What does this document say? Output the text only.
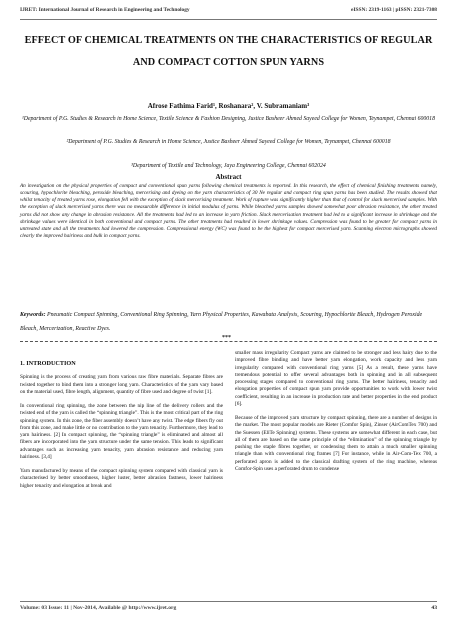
IJRET: International Journal of Research in Engineering and Technology	eISSN: 2319-1163 | pISSN: 2321-7308
EFFECT OF CHEMICAL TREATMENTS ON THE CHARACTERISTICS OF REGULAR AND COMPACT COTTON SPUN YARNS
Afrose Fathima Farid¹, Roshanara², V. Subramaniam³
¹Department of P.G. Studies & Research in Home Science, Textile Science & Fashion Designing, Justice Basheer Ahmed Sayeed College for Women, Teynampet, Chennai 600018
²Department of P.G. Studies & Research in Home Science, Justice Basheer Ahmed Sayeed College for Women, Teynampet, Chennai 600018
³Department of Textile and Technology, Jaya Engineering College, Chennai 602024
Abstract
An investigation on the physical properties of compact and conventional spun yarns following chemical treatments is reported. In this research, the effect of chemical finishing treatments namely, scouring, hypochlorite bleaching, peroxide bleaching, mercerising and dyeing on the yarn characteristics of 30 Ne regular and compact ring spun yarns has been studied. The results showed that whilst tenacity of treated yarns rose, elongation fell with the exception of slack mercerising treatment. Work of rupture was significantly higher than that of control for slack mercerised samples. With the exception of slack mercerised yarns there was no measurable difference in initial modulus of yarns. While bleached yarns samples showed somewhat poor abrasion resistance, the other treated yarns did not show any change in abrasion resistance. All the treatments had led to an increase in yarn friction. Slack mercerisation treatment had led to a significant increase in shrinkage and the shrinkage values were identical in both conventional and compact yarns. The other treatments had resulted in lower shrinkage values. Compression was found to be greater for compact yarns in untreated state and all the treatments had lowered the compression. Compressional energy (WC) was found to be the highest for compact mercerised yarn. Scanning electron micrographs showed clearly the improved hairiness and bulk in compact yarns.
Keywords: Pneumatic Compact Spinning, Conventional Ring Spinning, Yarn Physical Properties, Kawabata Analysis, Scouring, Hypochlorite Bleach, Hydrogen Peroxide Bleach, Mercerization, Reactive Dyes.
***

1. INTRODUCTION

Spinning is the process of creating yarn from various raw fibre materials. Separate fibres are twisted together to bind them into a stronger long yarn. Characteristics of the yarn vary based on the material used, fibre length, alignment, quantity of fibre used and degree of twist [1].

In conventional ring spinning, the zone between the nip line of the delivery rollers and the twisted end of the yarn is called the “spinning triangle”. This is the most critical part of the ring spinning system. In this zone, the fiber assembly doesn’t have any twist. The edge fibers fly out from this zone, and make little or no contribution to the yarn tenacity. Furthermore, they lead to yarn hairiness. [2] In compact spinning, the “spinning triangle” is eliminated and almost all fibers are incorporated into the yarn structure under the same tension. This leads to significant advantages such as increasing yarn tenacity, yarn abrasion resistance and reducing yarn hairiness. [3,4]

Yarn manufactured by means of the compact spinning system compared with classical yarn is characterised by better smoothness, higher luster, better abrasion fastness, lower hairiness higher tenacity and elongation at break and

smaller mass irregularity Compact yarns are claimed to be stronger and less hairy due to the improved fibre binding and have better yarn elongation, work capacity and less yarn irregularity compared with conventional ring yarns [5] As a result, these yarns have tremendous potential to offer several advantages both in spinning and in all subsequent processing stages compared to conventional ring yarns. The better hairiness, tenacity and elongation properties of compact spun yarn provide opportunities to work with lower twist coefficient, resulting in an increase in production rate and better properties in the end product [6].

Because of the improved yarn structure by compact spinning, there are a number of designs in the market. The most popular models are Rieter (Comfor Spin), Zinser (AirComTex 700) and the Suessen (EliTe Spinning) systems. These systems are somewhat different in each case, but all of them are based on the same principle of the “elimination” of the spinning triangle by pushing the staple fibres together, or condensing them to attain a much smaller spinning triangle than with conventional ring frames [7] For instance, while in Air-Com-Tex 700, a perforated apron is added to the classical drafting system of the ring machine, whereas Comfor-Spin uses a perforated drum to condense

Volume: 03 Issue: 11 | Nov-2014, Available @ http://www.ijret.org	43
